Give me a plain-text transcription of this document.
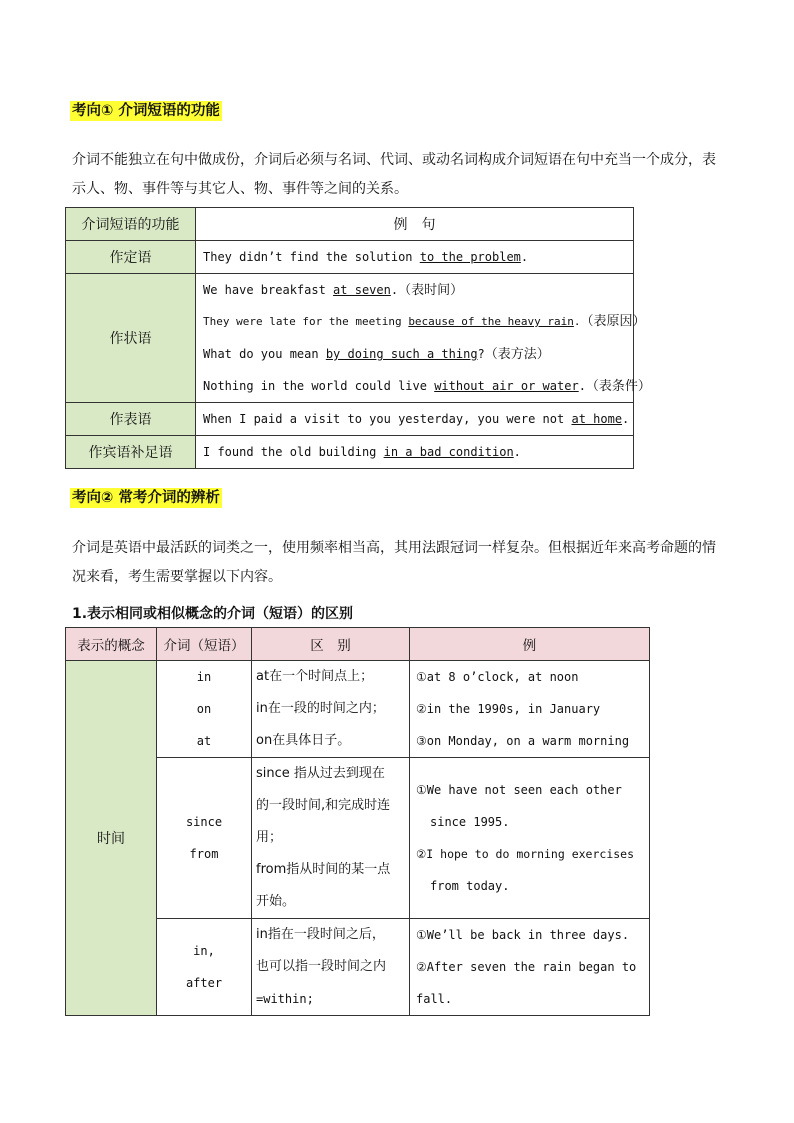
考向① 介词短语的功能
介词不能独立在句中做成份，介词后必须与名词、代词、或动名词构成介词短语在句中充当一个成分，表
示人、物、事件等与其它人、物、事件等之间的关系。
介词短语的功能	例　句
作定语	They didn’t find the solution to the problem.

作状语	We have breakfast at seven.（表时间）
They were late for the meeting because of the heavy rain.（表原因）
What do you mean by doing such a thing?（表方法）
Nothing in the world could live without air or water.（表条件）

作表语	When I paid a visit to you yesterday, you were not at home.

作宾语补足语	I found the old building in a bad condition.
考向② 常考介词的辨析
介词是英语中最活跃的词类之一，使用频率相当高，其用法跟冠词一样复杂。但根据近年来高考命题的情
况来看，考生需要掌握以下内容。
1.表示相同或相似概念的介词（短语）的区别
表示的概念	介词（短语）	区　别	例
时间	in
on
at	at在一个时间点上；
in在一段的时间之内；
on在具体日子。	①at 8 o’clock, at noon
②in the 1990s, in January
③on Monday, on a warm morning

	since
from	since 指从过去到现在
的一段时间,和完成时连
用；
from指从时间的某一点
开始。	①We have not seen each other
since 1995.
②I hope to do morning exercises
from today.

	in,
after	in指在一段时间之后，
也可以指一段时间之内
=within;	①We’ll be back in three days.
②After seven the rain began to
fall.
